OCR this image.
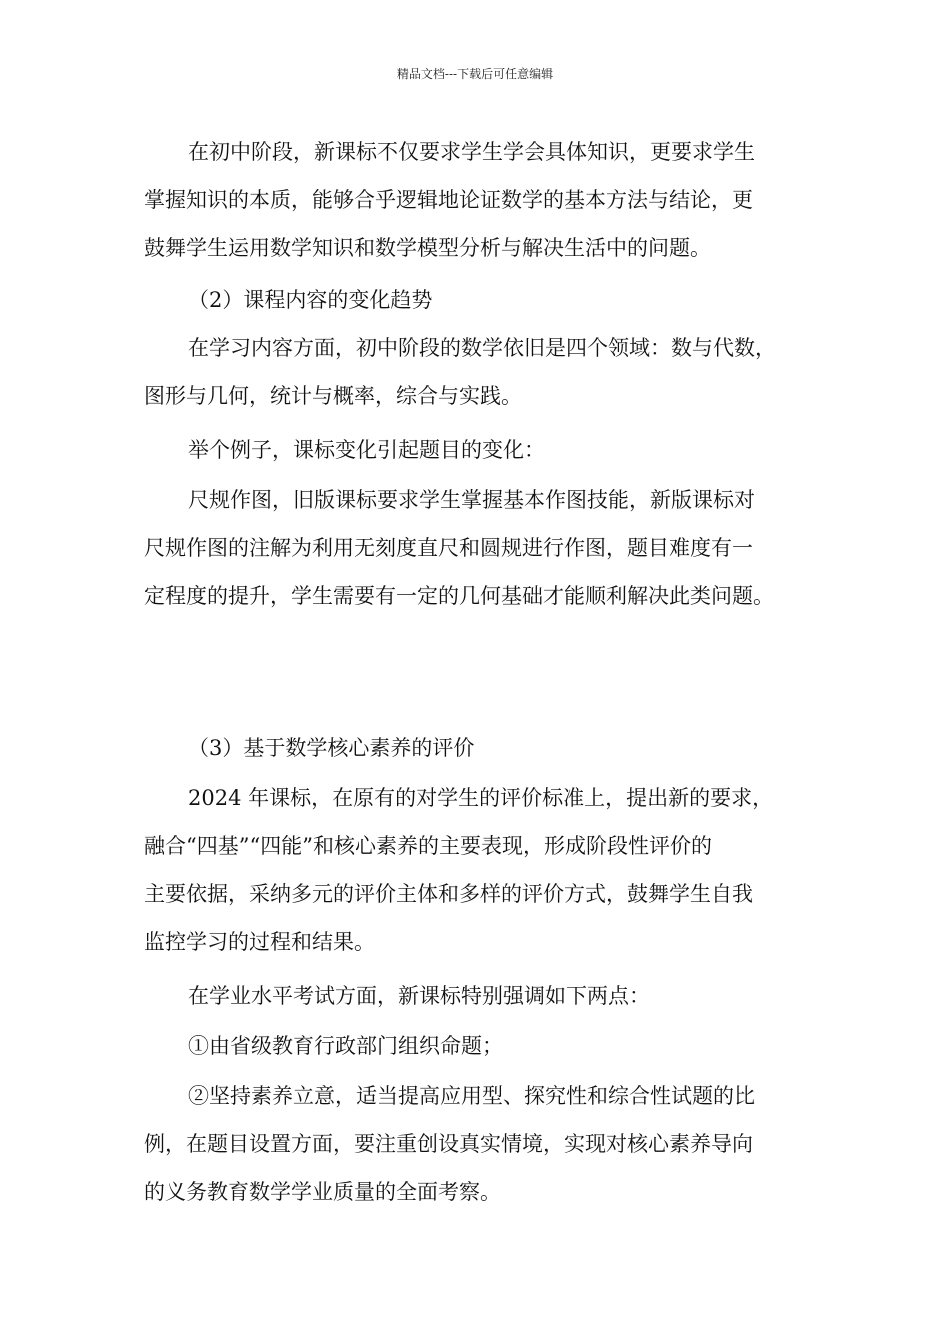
精品文档---下载后可任意编辑
在初中阶段，新课标不仅要求学生学会具体知识，更要求学生
掌握知识的本质，能够合乎逻辑地论证数学的基本方法与结论，更
鼓舞学生运用数学知识和数学模型分析与解决生活中的问题。
（2）课程内容的变化趋势
在学习内容方面，初中阶段的数学依旧是四个领域：数与代数，
图形与几何，统计与概率，综合与实践。
举个例子，课标变化引起题目的变化：
尺规作图，旧版课标要求学生掌握基本作图技能，新版课标对
尺规作图的注解为利用无刻度直尺和圆规进行作图，题目难度有一
定程度的提升，学生需要有一定的几何基础才能顺利解决此类问题。
（3）基于数学核心素养的评价
2024 年课标，在原有的对学生的评价标准上，提出新的要求，
融合“四基”“四能”和核心素养的主要表现，形成阶段性评价的
主要依据，采纳多元的评价主体和多样的评价方式，鼓舞学生自我
监控学习的过程和结果。
在学业水平考试方面，新课标特别强调如下两点：
①由省级教育行政部门组织命题；
②坚持素养立意，适当提高应用型、探究性和综合性试题的比
例，在题目设置方面，要注重创设真实情境，实现对核心素养导向
的义务教育数学学业质量的全面考察。
